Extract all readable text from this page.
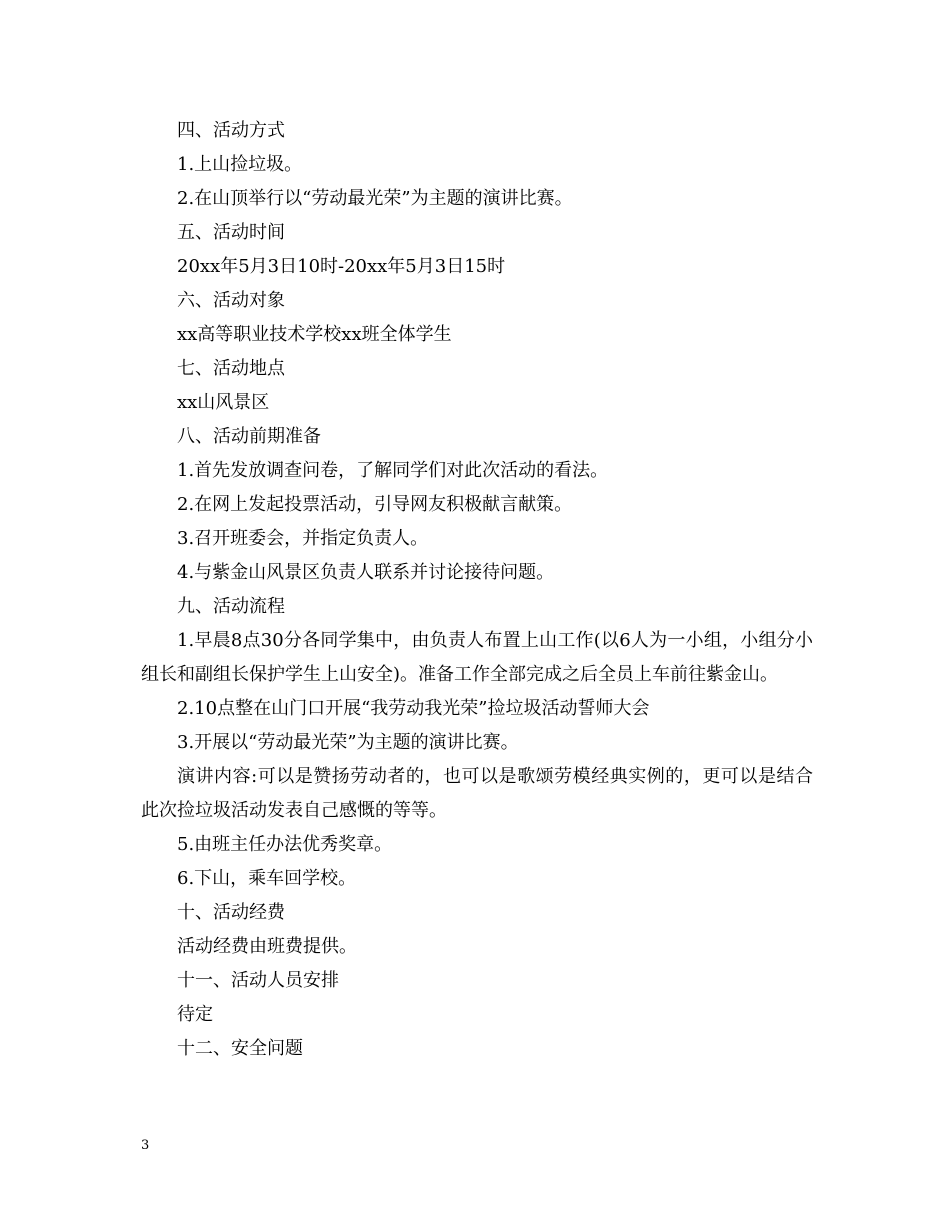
四、活动方式
1.上山捡垃圾。
2.在山顶举行以“劳动最光荣”为主题的演讲比赛。
五、活动时间
20xx年5月3日10时-20xx年5月3日15时
六、活动对象
xx高等职业技术学校xx班全体学生
七、活动地点
xx山风景区
八、活动前期准备
1.首先发放调查问卷，了解同学们对此次活动的看法。
2.在网上发起投票活动，引导网友积极献言献策。
3.召开班委会，并指定负责人。
4.与紫金山风景区负责人联系并讨论接待问题。
九、活动流程
1.早晨8点30分各同学集中，由负责人布置上山工作(以6人为一小组，小组分小组长和副组长保护学生上山安全)。准备工作全部完成之后全员上车前往紫金山。
2.10点整在山门口开展“我劳动我光荣”捡垃圾活动誓师大会
3.开展以“劳动最光荣”为主题的演讲比赛。
演讲内容:可以是赞扬劳动者的，也可以是歌颂劳模经典实例的，更可以是结合此次捡垃圾活动发表自己感慨的等等。
5.由班主任办法优秀奖章。
6.下山，乘车回学校。
十、活动经费
活动经费由班费提供。
十一、活动人员安排
待定
十二、安全问题
3
